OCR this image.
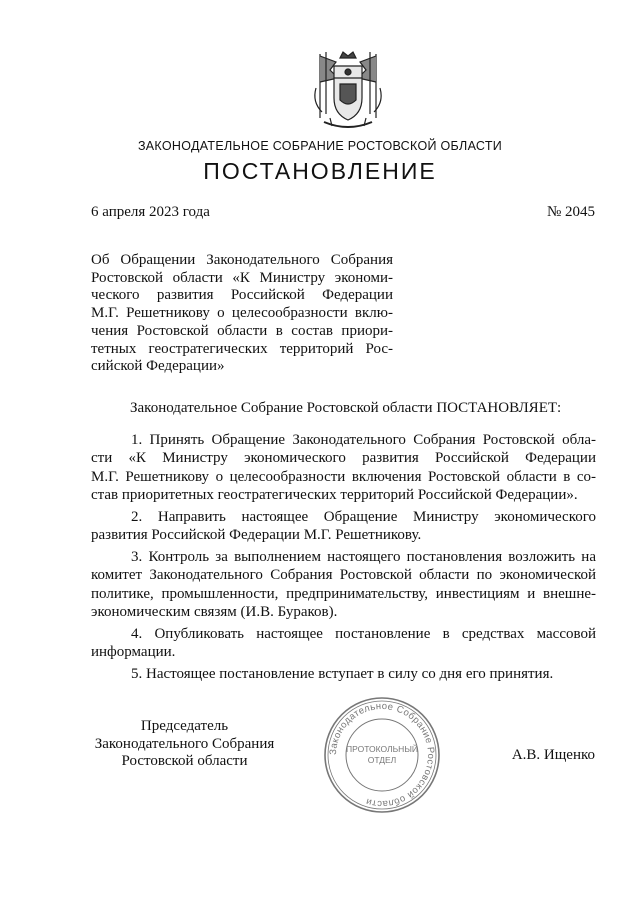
ЗАКОНОДАТЕЛЬНОЕ СОБРАНИЕ РОСТОВСКОЙ ОБЛАСТИ
ПОСТАНОВЛЕНИЕ
6 апреля 2023 года	№ 2045
Об Обращении Законодательного Собрания
Ростовской области «К Министру экономи-
ческого развития Российской Федерации
М.Г. Решетникову о целесообразности вклю-
чения Ростовской области в состав приори-
тетных геостратегических территорий Рос-
сийской Федерации»
Законодательное Собрание Ростовской области ПОСТАНОВЛЯЕТ:
1. Принять Обращение Законодательного Собрания Ростовской обла-
сти «К Министру экономического развития Российской Федерации
М.Г. Решетникову о целесообразности включения Ростовской области в со-
став приоритетных геостратегических территорий Российской Федерации».
2. Направить настоящее Обращение Министру экономического
развития Российской Федерации М.Г. Решетникову.
3. Контроль за выполнением настоящего постановления возложить на
комитет Законодательного Собрания Ростовской области по экономической
политике, промышленности, предпринимательству, инвестициям и внешне-
экономическим связям (И.В. Бураков).
4. Опубликовать настоящее постановление в средствах массовой
информации.
5. Настоящее постановление вступает в силу со дня его принятия.
Председатель
Законодательного Собрания
Ростовской области
Законодательное Собрание Ростовской области
ПРОТОКОЛЬНЫЙ
ОТДЕЛ	А.В. Ищенко
